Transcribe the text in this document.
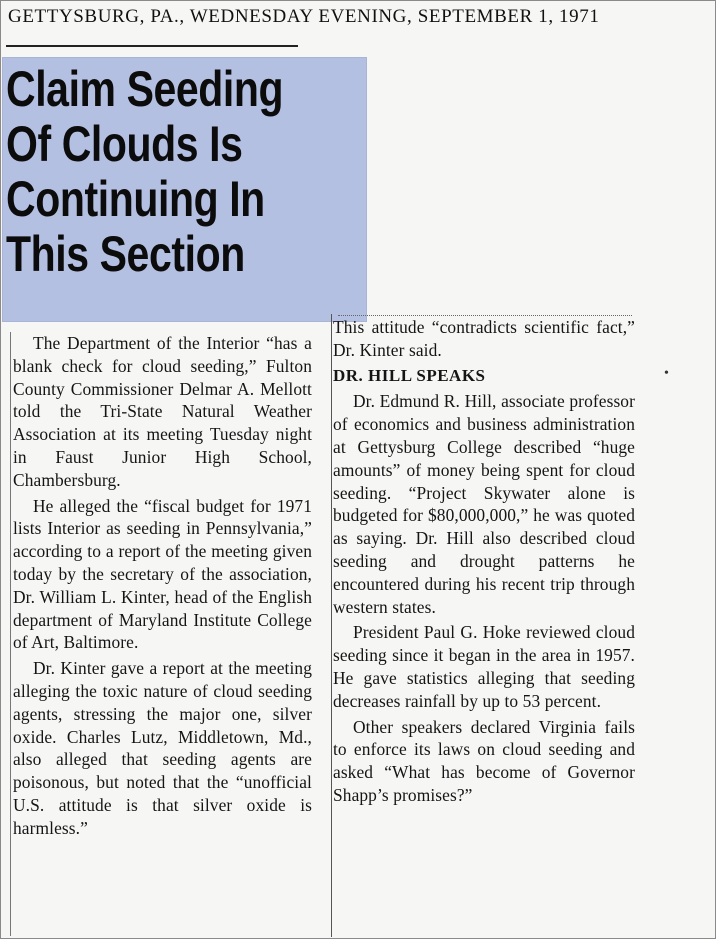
GETTYSBURG, PA., WEDNESDAY EVENING, SEPTEMBER 1, 1971
Claim Seeding
Of Clouds Is
Continuing In
This Section

The Department of the Interior “has a blank check for cloud seeding,” Fulton County Commissioner Delmar A. Mellott told the Tri-State Natural Weather Association at its meeting Tuesday night in Faust Junior High School, Chambersburg.

He alleged the “fiscal budget for 1971 lists Interior as seeding in Pennsylvania,” according to a report of the meeting given today by the secretary of the association, Dr. William L. Kinter, head of the English department of Maryland Institute College of Art, Baltimore.

Dr. Kinter gave a report at the meeting alleging the toxic nature of cloud seeding agents, stressing the major one, silver oxide. Charles Lutz, Middletown, Md., also alleged that seeding agents are poisonous, but noted that the “unofficial U.S. attitude is that silver oxide is harmless.”

This attitude “contradicts scientific fact,” Dr. Kinter said.

DR. HILL SPEAKS

Dr. Edmund R. Hill, associate professor of economics and business administration at Gettysburg College described “huge amounts” of money being spent for cloud seeding. “Project Skywater alone is budgeted for $80,000,000,” he was quoted as saying. Dr. Hill also described cloud seeding and drought patterns he encountered during his recent trip through western states.

President Paul G. Hoke reviewed cloud seeding since it began in the area in 1957. He gave statistics alleging that seeding decreases rainfall by up to 53 percent.

Other speakers declared Virginia fails to enforce its laws on cloud seeding and asked “What has become of Governor Shapp’s promises?”

•
